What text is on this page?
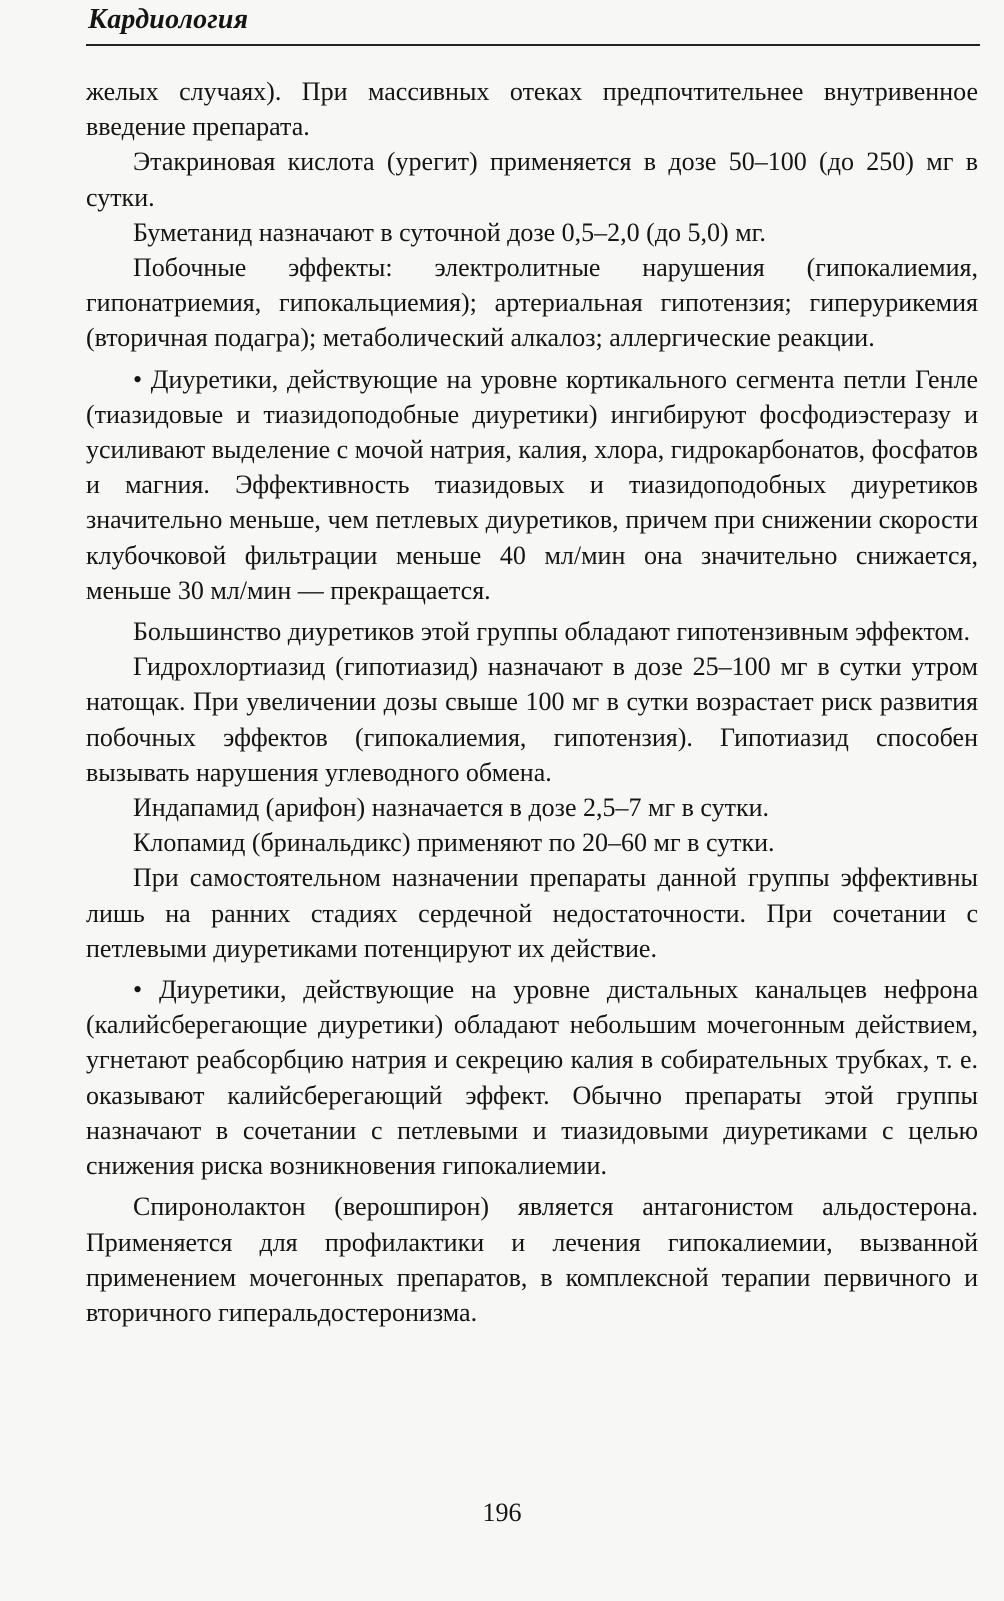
Кардиология

желых случаях). При массивных отеках предпочтительнее внутривенное введение препарата.

Этакриновая кислота (урегит) применяется в дозе 50–100 (до 250) мг в сутки.

Буметанид назначают в суточной дозе 0,5–2,0 (до 5,0) мг.

Побочные эффекты: электролитные нарушения (гипокалиемия, гипонатриемия, гипокальциемия); артериальная гипотензия; гиперурикемия (вторичная подагра); метаболический алкалоз; аллергические реакции.

• Диуретики, действующие на уровне кортикального сегмента петли Генле (тиазидовые и тиазидоподобные диуретики) ингибируют фосфодиэстеразу и усиливают выделение с мочой натрия, калия, хлора, гидрокарбонатов, фосфатов и магния. Эффективность тиазидовых и тиазидоподобных диуретиков значительно меньше, чем петлевых диуретиков, причем при снижении скорости клубочковой фильтрации меньше 40 мл/мин она значительно снижается, меньше 30 мл/мин — прекращается.

Большинство диуретиков этой группы обладают гипотензивным эффектом.

Гидрохлортиазид (гипотиазид) назначают в дозе 25–100 мг в сутки утром натощак. При увеличении дозы свыше 100 мг в сутки возрастает риск развития побочных эффектов (гипокалиемия, гипотензия). Гипотиазид способен вызывать нарушения углеводного обмена.

Индапамид (арифон) назначается в дозе 2,5–7 мг в сутки.

Клопамид (бринальдикс) применяют по 20–60 мг в сутки.

При самостоятельном назначении препараты данной группы эффективны лишь на ранних стадиях сердечной недостаточности. При сочетании с петлевыми диуретиками потенцируют их действие.

• Диуретики, действующие на уровне дистальных канальцев нефрона (калийсберегающие диуретики) обладают небольшим мочегонным действием, угнетают реабсорбцию натрия и секрецию калия в собирательных трубках, т. е. оказывают калийсберегающий эффект. Обычно препараты этой группы назначают в сочетании с петлевыми и тиазидовыми диуретиками с целью снижения риска возникновения гипокалиемии.

Спиронолактон (верошпирон) является антагонистом альдостерона. Применяется для профилактики и лечения гипокалиемии, вызванной применением мочегонных препаратов, в комплексной терапии первичного и вторичного гиперальдостеронизма.

196
